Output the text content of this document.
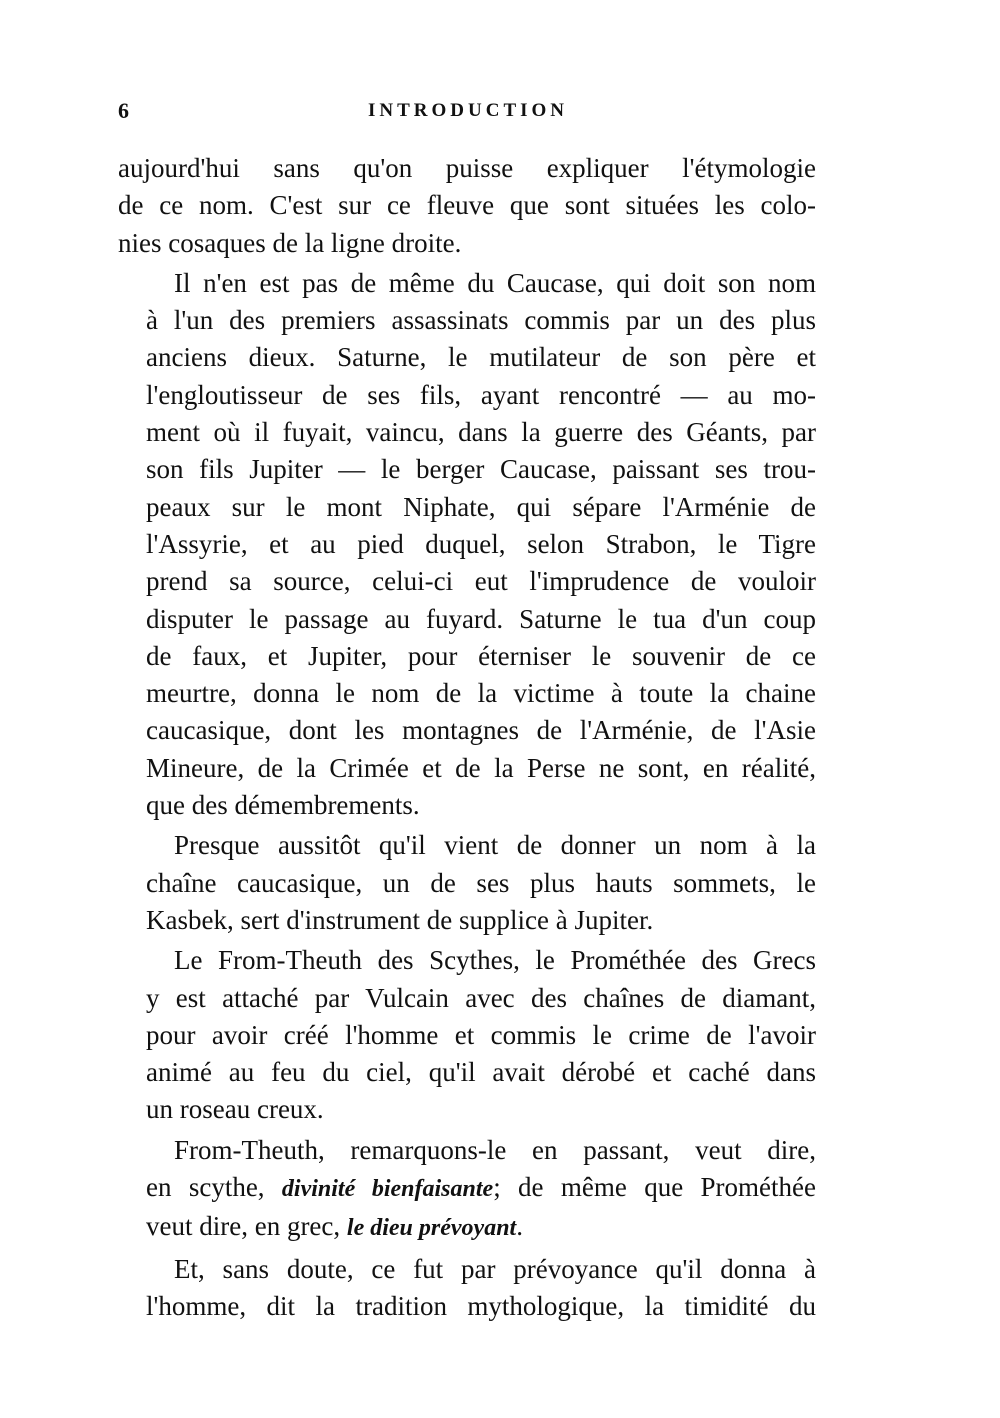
6	INTRODUCTION

aujourd'hui sans qu'on puisse expliquer l'étymologie
de ce nom. C'est sur ce fleuve que sont situées les colo-
nies cosaques de la ligne droite.

Il n'en est pas de même du Caucase, qui doit son nom
à l'un des premiers assassinats commis par un des plus
anciens dieux. Saturne, le mutilateur de son père et
l'engloutisseur de ses fils, ayant rencontré — au mo-
ment où il fuyait, vaincu, dans la guerre des Géants, par
son fils Jupiter — le berger Caucase, paissant ses trou-
peaux sur le mont Niphate, qui sépare l'Arménie de
l'Assyrie, et au pied duquel, selon Strabon, le Tigre
prend sa source, celui-ci eut l'imprudence de vouloir
disputer le passage au fuyard. Saturne le tua d'un coup
de faux, et Jupiter, pour éterniser le souvenir de ce
meurtre, donna le nom de la victime à toute la chaine
caucasique, dont les montagnes de l'Arménie, de l'Asie
Mineure, de la Crimée et de la Perse ne sont, en réalité,
que des démembrements.

Presque aussitôt qu'il vient de donner un nom à la
chaîne caucasique, un de ses plus hauts sommets, le
Kasbek, sert d'instrument de supplice à Jupiter.

Le From-Theuth des Scythes, le Prométhée des Grecs
y est attaché par Vulcain avec des chaînes de diamant,
pour avoir créé l'homme et commis le crime de l'avoir
animé au feu du ciel, qu'il avait dérobé et caché dans
un roseau creux.

From-Theuth, remarquons-le en passant, veut dire,
en scythe, divinité bienfaisante; de même que Prométhée
veut dire, en grec, le dieu prévoyant.

Et, sans doute, ce fut par prévoyance qu'il donna à
l'homme, dit la tradition mythologique, la timidité du
